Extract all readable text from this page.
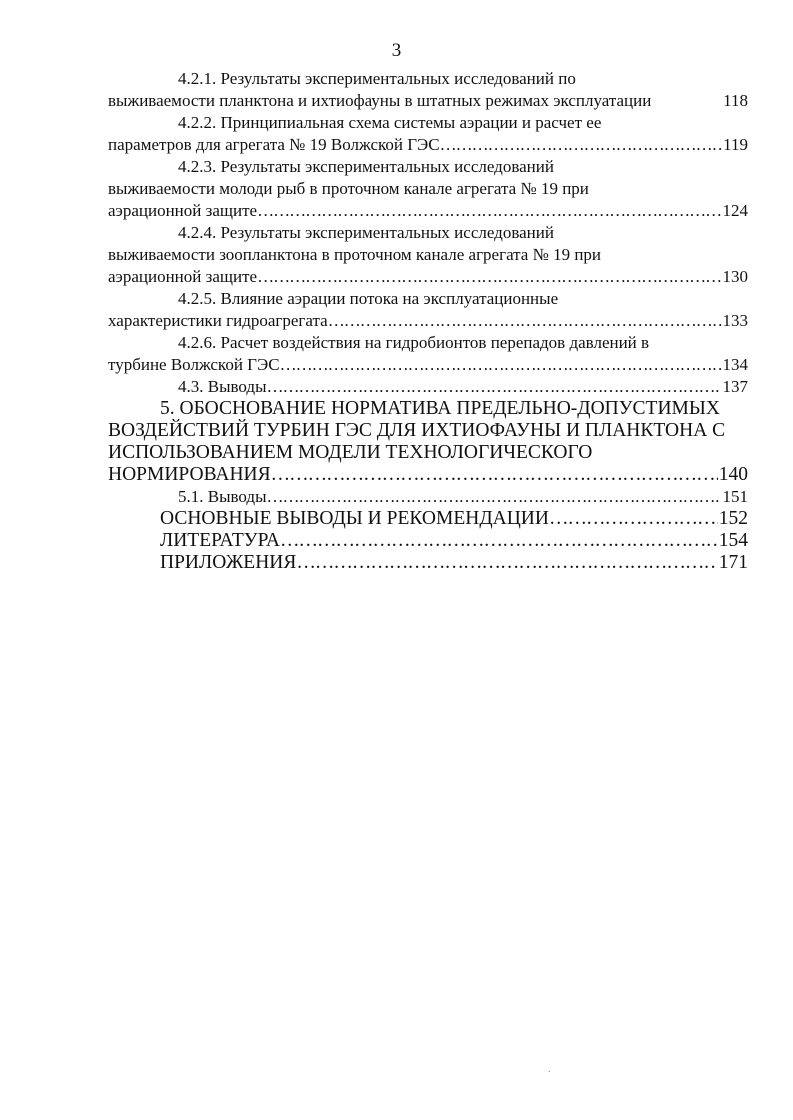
3
4.2.1. Результаты экспериментальных исследований по
выживаемости планктона и ихтиофауны в штатных режимах эксплуатации	118
4.2.2. Принципиальная схема системы аэрации и расчет ее
параметров для агрегата № 19 Волжской ГЭС ……………………………………………………………………………………………………………………………………………………………………………………	119
4.2.3. Результаты экспериментальных исследований
выживаемости молоди рыб в проточном канале агрегата № 19 при
аэрационной защите ……………………………………………………………………………………………………………………………………………………………………………………	124
4.2.4. Результаты экспериментальных исследований
выживаемости зоопланктона в проточном канале агрегата № 19 при
аэрационной защите ……………………………………………………………………………………………………………………………………………………………………………………	130
4.2.5. Влияние аэрации потока на эксплуатационные
характеристики гидроагрегата ……………………………………………………………………………………………………………………………………………………………………………………	133
4.2.6. Расчет воздействия на гидробионтов перепадов давлений в
турбине Волжской ГЭС ……………………………………………………………………………………………………………………………………………………………………………………	134
4.3. Выводы ……………………………………………………………………………………………………………………………………………………………………………………	137
5. ОБОСНОВАНИЕ НОРМАТИВА ПРЕДЕЛЬНО-ДОПУСТИМЫХ
ВОЗДЕЙСТВИЙ ТУРБИН ГЭС ДЛЯ ИХТИОФАУНЫ И ПЛАНКТОНА С
ИСПОЛЬЗОВАНИЕМ МОДЕЛИ ТЕХНОЛОГИЧЕСКОГО
НОРМИРОВАНИЯ ……………………………………………………………………………………………………………………………………………………………………………………	140
5.1. Выводы ……………………………………………………………………………………………………………………………………………………………………………………	151
ОСНОВНЫЕ ВЫВОДЫ И РЕКОМЕНДАЦИИ ……………………………………………………………………………………………………………………………………………………………………………………	152
ЛИТЕРАТУРА ……………………………………………………………………………………………………………………………………………………………………………………	154
ПРИЛОЖЕНИЯ ……………………………………………………………………………………………………………………………………………………………………………………	171
.
